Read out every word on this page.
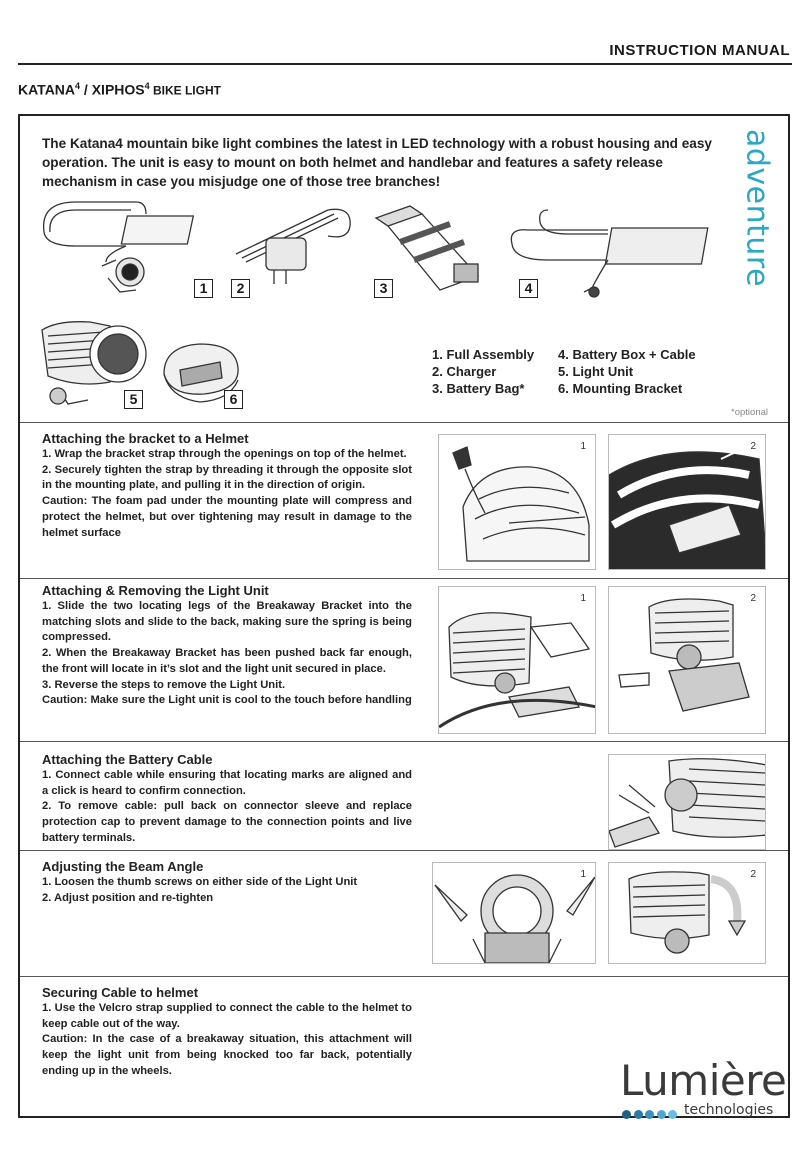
INSTRUCTION MANUAL
KATANA$^4$ / XIPHOS$^4$ BIKE LIGHT
The Katana4 mountain bike light combines the latest in LED technology with a robust housing and easy operation. The unit is easy to mount on both helmet and handlebar and features a safety release mechanism in case you misjudge one of those tree branches!	adventure
1	2	3	4
5	6
1. Full Assembly
2. Charger
3. Battery Bag*
4. Battery Box + Cable
5. Light Unit
6. Mounting Bracket
*optional
Attaching the bracket to a Helmet

1. Wrap the bracket strap through the openings on top of the helmet.

2. Securely tighten the strap by threading it through the opposite slot in the mounting plate, and pulling it in the direction of origin.

Caution: The foam pad under the mounting plate will compress and protect the helmet, but over tightening may result in damage to the helmet surface

1	2
Attaching & Removing the Light Unit

1. Slide the two locating legs of the Breakaway Bracket into the matching slots and slide to the back, making sure the spring is being compressed.

2. When the Breakaway Bracket has been pushed back far enough, the front will locate in it’s slot and the light unit secured in place.

3. Reverse the steps to remove the Light Unit.

Caution: Make sure the Light unit is cool to the touch before handling

1	2
Attaching the Battery Cable

1. Connect cable while ensuring that locating marks are aligned and a click is heard to confirm connection.

2. To remove cable: pull back on connector sleeve and replace protection cap to prevent damage to the connection points and live battery terminals.

Adjusting the Beam Angle

1. Loosen the thumb screws on either side of the Light Unit

2. Adjust position and re-tighten

1	2
Securing Cable to helmet

1. Use the Velcro strap supplied to connect the cable to the helmet to keep cable out of the way.

Caution: In the case of a breakaway situation, this attachment will keep the light unit from being knocked too far back, potentially ending up in the wheels.	Lumière
technologies
